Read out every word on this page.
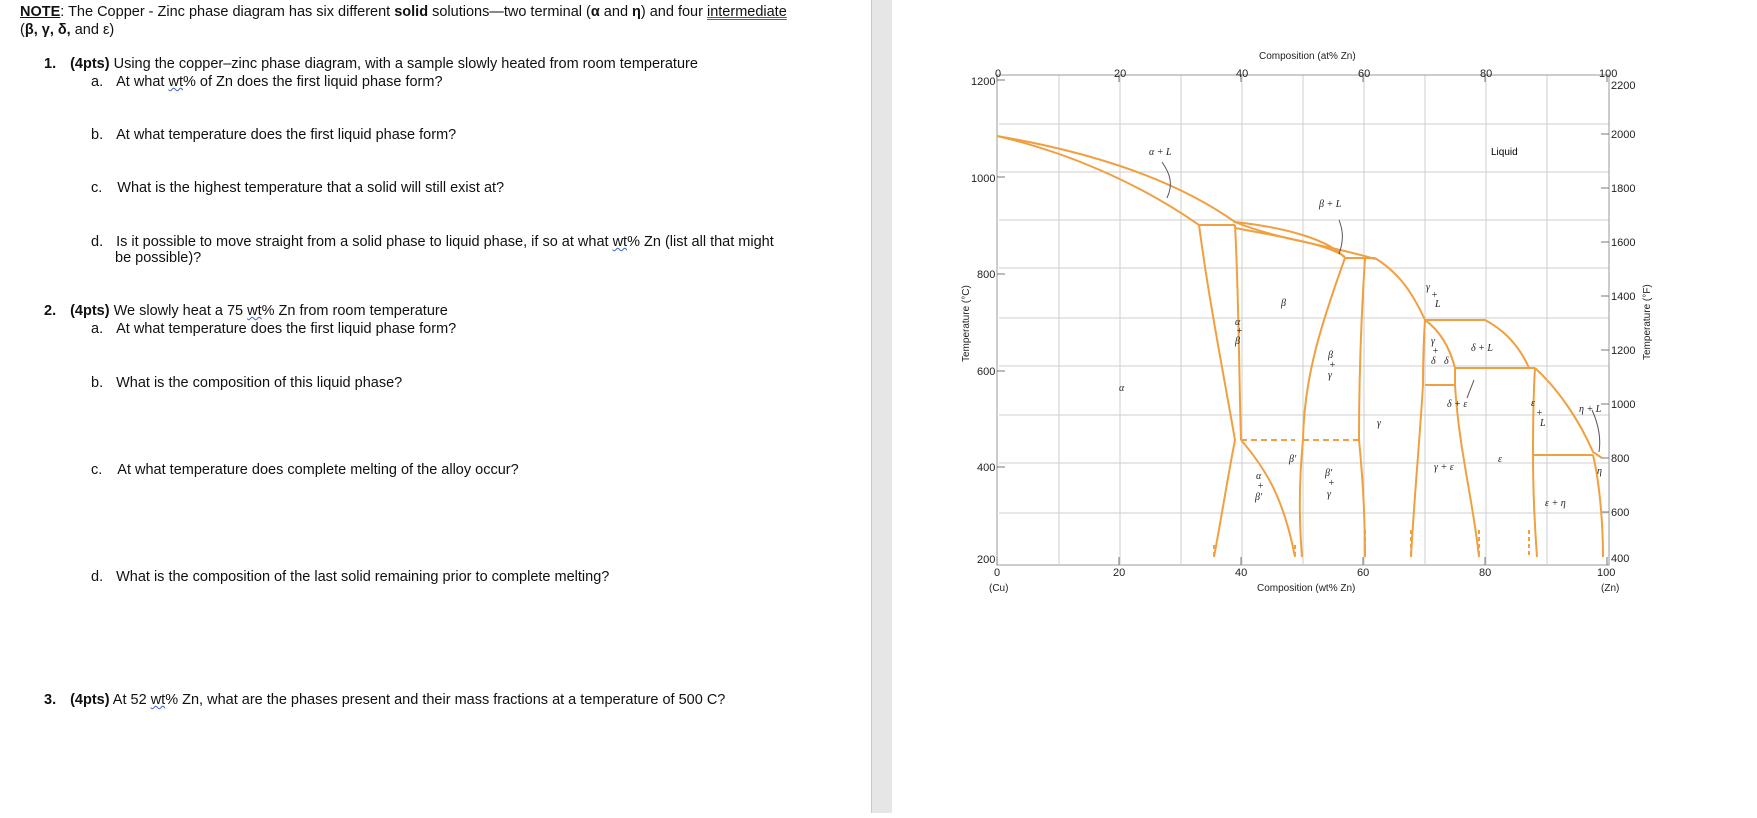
NOTE: The Copper - Zinc phase diagram has six different solid solutions—two terminal (α and η) and four intermediate
(β, γ, δ, and ε)
1. (4pts) Using the copper–zinc phase diagram, with a sample slowly heated from room temperature
a. At what wt% of Zn does the first liquid phase form?
b. At what temperature does the first liquid phase form?
c. What is the highest temperature that a solid will still exist at?
d. Is it possible to move straight from a solid phase to liquid phase, if so at what wt% Zn (list all that might
be possible)?
2. (4pts) We slowly heat a 75 wt% Zn from room temperature
a. At what temperature does the first liquid phase form?
b. What is the composition of this liquid phase?
c. At what temperature does complete melting of the alloy occur?
d. What is the composition of the last solid remaining prior to complete melting?
3. (4pts) At 52 wt% Zn, what are the phases present and their mass fractions at a temperature of 500 C?
α + L	Liquid
β + L
β
α
α
+
β
β
+
γ
γ
γ
+
L
γ
+
δ δ
δ + L
δ + ε	ε
+
L
η + L
β′
α
+
β′
β′
+
γ
γ + ε
ε
ε + η
η
Composition (at% Zn)
Composition (wt% Zn)
Temperature (°C)	Temperature (°F)
(Cu)	(Zn)
0	20	40	60	80	100
0	20	40	60	80	100
1200
1000
800
600
400
200
2200
2000
1800
1600
1400
1200
1000
800
600
400
